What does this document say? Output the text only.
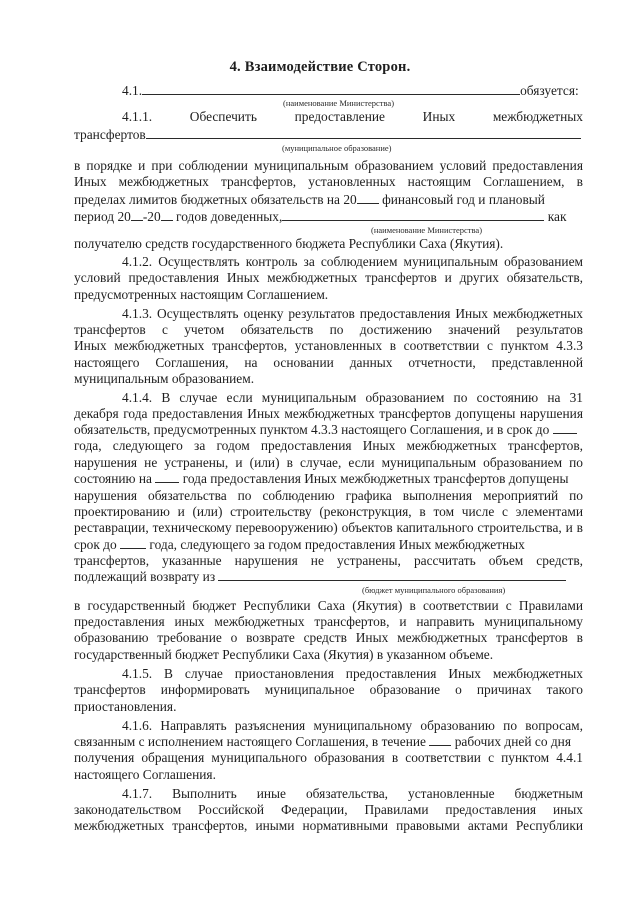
4. Взаимодействие Сторон.
4.1.	обязуется:
4.1.1. Обеспечить предоставление Иных межбюджетных
трансфертов
в порядке и при соблюдении муниципальным образованием условий предоставления
Иных межбюджетных трансфертов, установленных настоящим Соглашением, в
пределах лимитов бюджетных обязательств на 20 финансовый год и плановый
период 20 -20 годов доведенных,	как
получателю средств государственного бюджета Республики Саха (Якутия).
4.1.2. Осуществлять контроль за соблюдением муниципальным образованием
условий предоставления Иных межбюджетных трансфертов и других обязательств,
предусмотренных настоящим Соглашением.
4.1.3. Осуществлять оценку результатов предоставления Иных межбюджетных
трансфертов с учетом обязательств по достижению значений результатов
Иных межбюджетных трансфертов, установленных в соответствии с пунктом 4.3.3
настоящего Соглашения, на основании данных отчетности, представленной
муниципальным образованием.
4.1.4. В случае если муниципальным образованием по состоянию на 31
декабря года предоставления Иных межбюджетных трансфертов допущены нарушения
обязательств, предусмотренных пунктом 4.3.3 настоящего Соглашения, и в срок до
года, следующего за годом предоставления Иных межбюджетных трансфертов,
нарушения не устранены, и (или) в случае, если муниципальным образованием по
состоянию на  года предоставления Иных межбюджетных трансфертов допущены
нарушения обязательства по соблюдению графика выполнения мероприятий по
проектированию и (или) строительству (реконструкция, в том числе с элементами
реставрации, техническому перевооружению) объектов капитального строительства, и в
срок до  года, следующего за годом предоставления Иных межбюджетных
трансфертов, указанные нарушения не устранены, рассчитать объем средств,
подлежащий возврату из
в государственный бюджет Республики Саха (Якутия) в соответствии с Правилами
предоставления иных межбюджетных трансфертов, и направить муниципальному
образованию требование о возврате средств Иных межбюджетных трансфертов в
государственный бюджет Республики Саха (Якутия) в указанном объеме.
4.1.5. В случае приостановления предоставления Иных межбюджетных
трансфертов информировать муниципальное образование о причинах такого
приостановления.
4.1.6. Направлять разъяснения муниципальному образованию по вопросам,
связанным с исполнением настоящего Соглашения, в течение  рабочих дней со дня
получения обращения муниципального образования в соответствии с пунктом 4.4.1
настоящего Соглашения.
4.1.7. Выполнить иные обязательства, установленные бюджетным
законодательством Российской Федерации, Правилами предоставления иных
межбюджетных трансфертов, иными нормативными правовыми актами Республики
(наименование Министерства)
(муниципальное образование)
(наименование Министерства)
(бюджет муниципального образования)
